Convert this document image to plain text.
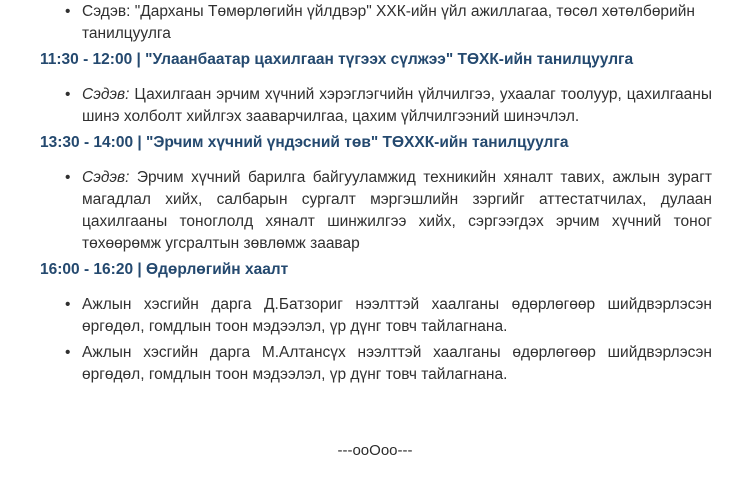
• Сэдэв: "Дарханы Төмөрлөгийн үйлдвэр" ХХК-ийн үйл ажиллагаа, төсөл хөтөлбөрийн танилцуулга

11:30 - 12:00 | "Улаанбаатар цахилгаан түгээх сүлжээ" ТӨХК-ийн танилцуулга

• Сэдэв: Цахилгаан эрчим хүчний хэрэглэгчийн үйлчилгээ, ухаалаг тоолуур, цахилгааны шинэ холболт хийлгэх зааварчилгаа, цахим үйлчилгээний шинэчлэл.

13:30 - 14:00 | "Эрчим хүчний үндэсний төв" ТӨХХК-ийн танилцуулга

• Сэдэв: Эрчим хүчний барилга байгууламжид техникийн хяналт тавих, ажлын зурагт магадлал хийх, салбарын сургалт мэргэшлийн зэргийг аттестатчилах, дулаан цахилгааны тоноглолд хяналт шинжилгээ хийх, сэргээгдэх эрчим хүчний тоног төхөөрөмж угсралтын зөвлөмж заавар

16:00 - 16:20 | Өдөрлөгийн хаалт

• Ажлын хэсгийн дарга Д.Батзориг нээлттэй хаалганы өдөрлөгөөр шийдвэрлэсэн өргөдөл, гомдлын тоон мэдээлэл, үр дүнг товч тайлагнана.

• Ажлын хэсгийн дарга М.Алтансүх нээлттэй хаалганы өдөрлөгөөр шийдвэрлэсэн өргөдөл, гомдлын тоон мэдээлэл, үр дүнг товч тайлагнана.

---ооОоо---
